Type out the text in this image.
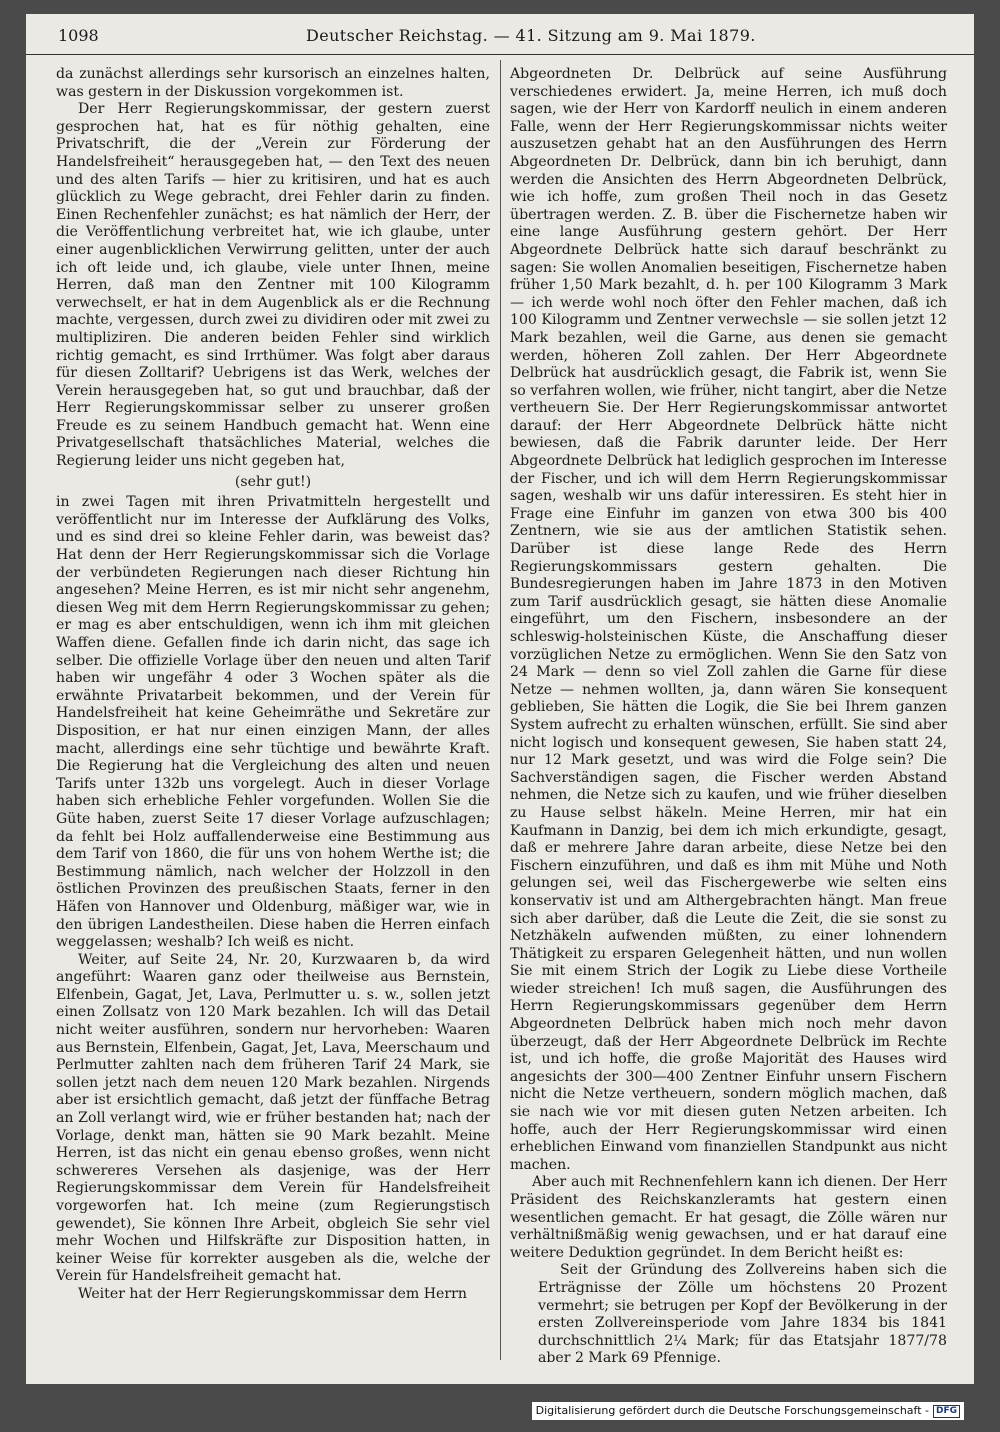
1098	Deutscher Reichstag. — 41. Sitzung am 9. Mai 1879.

da zunächst allerdings sehr kursorisch an einzelnes halten, was gestern in der Diskussion vorgekommen ist.

Der Herr Regierungskommissar, der gestern zuerst gesprochen hat, hat es für nöthig gehalten, eine Privatschrift, die der „Verein zur Förderung der Handelsfreiheit“ herausgegeben hat, — den Text des neuen und des alten Tarifs — hier zu kritisiren, und hat es auch glücklich zu Wege gebracht, drei Fehler darin zu finden. Einen Rechenfehler zunächst; es hat nämlich der Herr, der die Veröffentlichung verbreitet hat, wie ich glaube, unter einer augenblicklichen Verwirrung gelitten, unter der auch ich oft leide und, ich glaube, viele unter Ihnen, meine Herren, daß man den Zentner mit 100 Kilogramm verwechselt, er hat in dem Augenblick als er die Rechnung machte, vergessen, durch zwei zu dividiren oder mit zwei zu multipliziren. Die anderen beiden Fehler sind wirklich richtig gemacht, es sind Irrthümer. Was folgt aber daraus für diesen Zolltarif? Uebrigens ist das Werk, welches der Verein herausgegeben hat, so gut und brauchbar, daß der Herr Regierungskommissar selber zu unserer großen Freude es zu seinem Handbuch gemacht hat. Wenn eine Privatgesellschaft thatsächliches Material, welches die Regierung leider uns nicht gegeben hat,

(sehr gut!)

in zwei Tagen mit ihren Privatmitteln hergestellt und veröffentlicht nur im Interesse der Aufklärung des Volks, und es sind drei so kleine Fehler darin, was beweist das? Hat denn der Herr Regierungskommissar sich die Vorlage der verbündeten Regierungen nach dieser Richtung hin angesehen? Meine Herren, es ist mir nicht sehr angenehm, diesen Weg mit dem Herrn Regierungskommissar zu gehen; er mag es aber entschuldigen, wenn ich ihm mit gleichen Waffen diene. Gefallen finde ich darin nicht, das sage ich selber. Die offizielle Vorlage über den neuen und alten Tarif haben wir ungefähr 4 oder 3 Wochen später als die erwähnte Privatarbeit bekommen, und der Verein für Handelsfreiheit hat keine Geheimräthe und Sekretäre zur Disposition, er hat nur einen einzigen Mann, der alles macht, allerdings eine sehr tüchtige und bewährte Kraft. Die Regierung hat die Vergleichung des alten und neuen Tarifs unter 132b uns vorgelegt. Auch in dieser Vorlage haben sich erhebliche Fehler vorgefunden. Wollen Sie die Güte haben, zuerst Seite 17 dieser Vorlage aufzuschlagen; da fehlt bei Holz auffallenderweise eine Bestimmung aus dem Tarif von 1860, die für uns von hohem Werthe ist; die Bestimmung nämlich, nach welcher der Holzzoll in den östlichen Provinzen des preußischen Staats, ferner in den Häfen von Hannover und Oldenburg, mäßiger war, wie in den übrigen Landestheilen. Diese haben die Herren einfach weggelassen; weshalb? Ich weiß es nicht.

Weiter, auf Seite 24, Nr. 20, Kurzwaaren b, da wird angeführt: Waaren ganz oder theilweise aus Bernstein, Elfenbein, Gagat, Jet, Lava, Perlmutter u. s. w., sollen jetzt einen Zollsatz von 120 Mark bezahlen. Ich will das Detail nicht weiter ausführen, sondern nur hervorheben: Waaren aus Bernstein, Elfenbein, Gagat, Jet, Lava, Meerschaum und Perlmutter zahlten nach dem früheren Tarif 24 Mark, sie sollen jetzt nach dem neuen 120 Mark bezahlen. Nirgends aber ist ersichtlich gemacht, daß jetzt der fünffache Betrag an Zoll verlangt wird, wie er früher bestanden hat; nach der Vorlage, denkt man, hätten sie 90 Mark bezahlt. Meine Herren, ist das nicht ein genau ebenso großes, wenn nicht schwereres Versehen als dasjenige, was der Herr Regierungskommissar dem Verein für Handelsfreiheit vorgeworfen hat. Ich meine (zum Regierungstisch gewendet), Sie können Ihre Arbeit, obgleich Sie sehr viel mehr Wochen und Hilfskräfte zur Disposition hatten, in keiner Weise für korrekter ausgeben als die, welche der Verein für Handelsfreiheit gemacht hat.

Weiter hat der Herr Regierungskommissar dem Herrn

Abgeordneten Dr. Delbrück auf seine Ausführung verschiedenes erwidert. Ja, meine Herren, ich muß doch sagen, wie der Herr von Kardorff neulich in einem anderen Falle, wenn der Herr Regierungskommissar nichts weiter auszusetzen gehabt hat an den Ausführungen des Herrn Abgeordneten Dr. Delbrück, dann bin ich beruhigt, dann werden die Ansichten des Herrn Abgeordneten Delbrück, wie ich hoffe, zum großen Theil noch in das Gesetz übertragen werden. Z. B. über die Fischernetze haben wir eine lange Ausführung gestern gehört. Der Herr Abgeordnete Delbrück hatte sich darauf beschränkt zu sagen: Sie wollen Anomalien beseitigen, Fischernetze haben früher 1,50 Mark bezahlt, d. h. per 100 Kilogramm 3 Mark — ich werde wohl noch öfter den Fehler machen, daß ich 100 Kilogramm und Zentner verwechsle — sie sollen jetzt 12 Mark bezahlen, weil die Garne, aus denen sie gemacht werden, höheren Zoll zahlen. Der Herr Abgeordnete Delbrück hat ausdrücklich gesagt, die Fabrik ist, wenn Sie so verfahren wollen, wie früher, nicht tangirt, aber die Netze vertheuern Sie. Der Herr Regierungskommissar antwortet darauf: der Herr Abgeordnete Delbrück hätte nicht bewiesen, daß die Fabrik darunter leide. Der Herr Abgeordnete Delbrück hat lediglich gesprochen im Interesse der Fischer, und ich will dem Herrn Regierungskommissar sagen, weshalb wir uns dafür interessiren. Es steht hier in Frage eine Einfuhr im ganzen von etwa 300 bis 400 Zentnern, wie sie aus der amtlichen Statistik sehen. Darüber ist diese lange Rede des Herrn Regierungskommissars gestern gehalten. Die Bundesregierungen haben im Jahre 1873 in den Motiven zum Tarif ausdrücklich gesagt, sie hätten diese Anomalie eingeführt, um den Fischern, insbesondere an der schleswig-holsteinischen Küste, die Anschaffung dieser vorzüglichen Netze zu ermöglichen. Wenn Sie den Satz von 24 Mark — denn so viel Zoll zahlen die Garne für diese Netze — nehmen wollten, ja, dann wären Sie konsequent geblieben, Sie hätten die Logik, die Sie bei Ihrem ganzen System aufrecht zu erhalten wünschen, erfüllt. Sie sind aber nicht logisch und konsequent gewesen, Sie haben statt 24, nur 12 Mark gesetzt, und was wird die Folge sein? Die Sachverständigen sagen, die Fischer werden Abstand nehmen, die Netze sich zu kaufen, und wie früher dieselben zu Hause selbst häkeln. Meine Herren, mir hat ein Kaufmann in Danzig, bei dem ich mich erkundigte, gesagt, daß er mehrere Jahre daran arbeite, diese Netze bei den Fischern einzuführen, und daß es ihm mit Mühe und Noth gelungen sei, weil das Fischergewerbe wie selten eins konservativ ist und am Althergebrachten hängt. Man freue sich aber darüber, daß die Leute die Zeit, die sie sonst zu Netzhäkeln aufwenden müßten, zu einer lohnendern Thätigkeit zu ersparen Gelegenheit hätten, und nun wollen Sie mit einem Strich der Logik zu Liebe diese Vortheile wieder streichen! Ich muß sagen, die Ausführungen des Herrn Regierungskommissars gegenüber dem Herrn Abgeordneten Delbrück haben mich noch mehr davon überzeugt, daß der Herr Abgeordnete Delbrück im Rechte ist, und ich hoffe, die große Majorität des Hauses wird angesichts der 300—400 Zentner Einfuhr unsern Fischern nicht die Netze vertheuern, sondern möglich machen, daß sie nach wie vor mit diesen guten Netzen arbeiten. Ich hoffe, auch der Herr Regierungskommissar wird einen erheblichen Einwand vom finanziellen Standpunkt aus nicht machen.

Aber auch mit Rechnenfehlern kann ich dienen. Der Herr Präsident des Reichskanzleramts hat gestern einen wesentlichen gemacht. Er hat gesagt, die Zölle wären nur verhältnißmäßig wenig gewachsen, und er hat darauf eine weitere Deduktion gegründet. In dem Bericht heißt es:

Seit der Gründung des Zollvereins haben sich die Erträgnisse der Zölle um höchstens 20 Prozent vermehrt; sie betrugen per Kopf der Bevölkerung in der ersten Zollvereinsperiode vom Jahre 1834 bis 1841 durchschnittlich 2¼ Mark; für das Etatsjahr 1877/78 aber 2 Mark 69 Pfennige.

Digitalisierung gefördert durch die Deutsche Forschungsgemeinschaft - DFG
